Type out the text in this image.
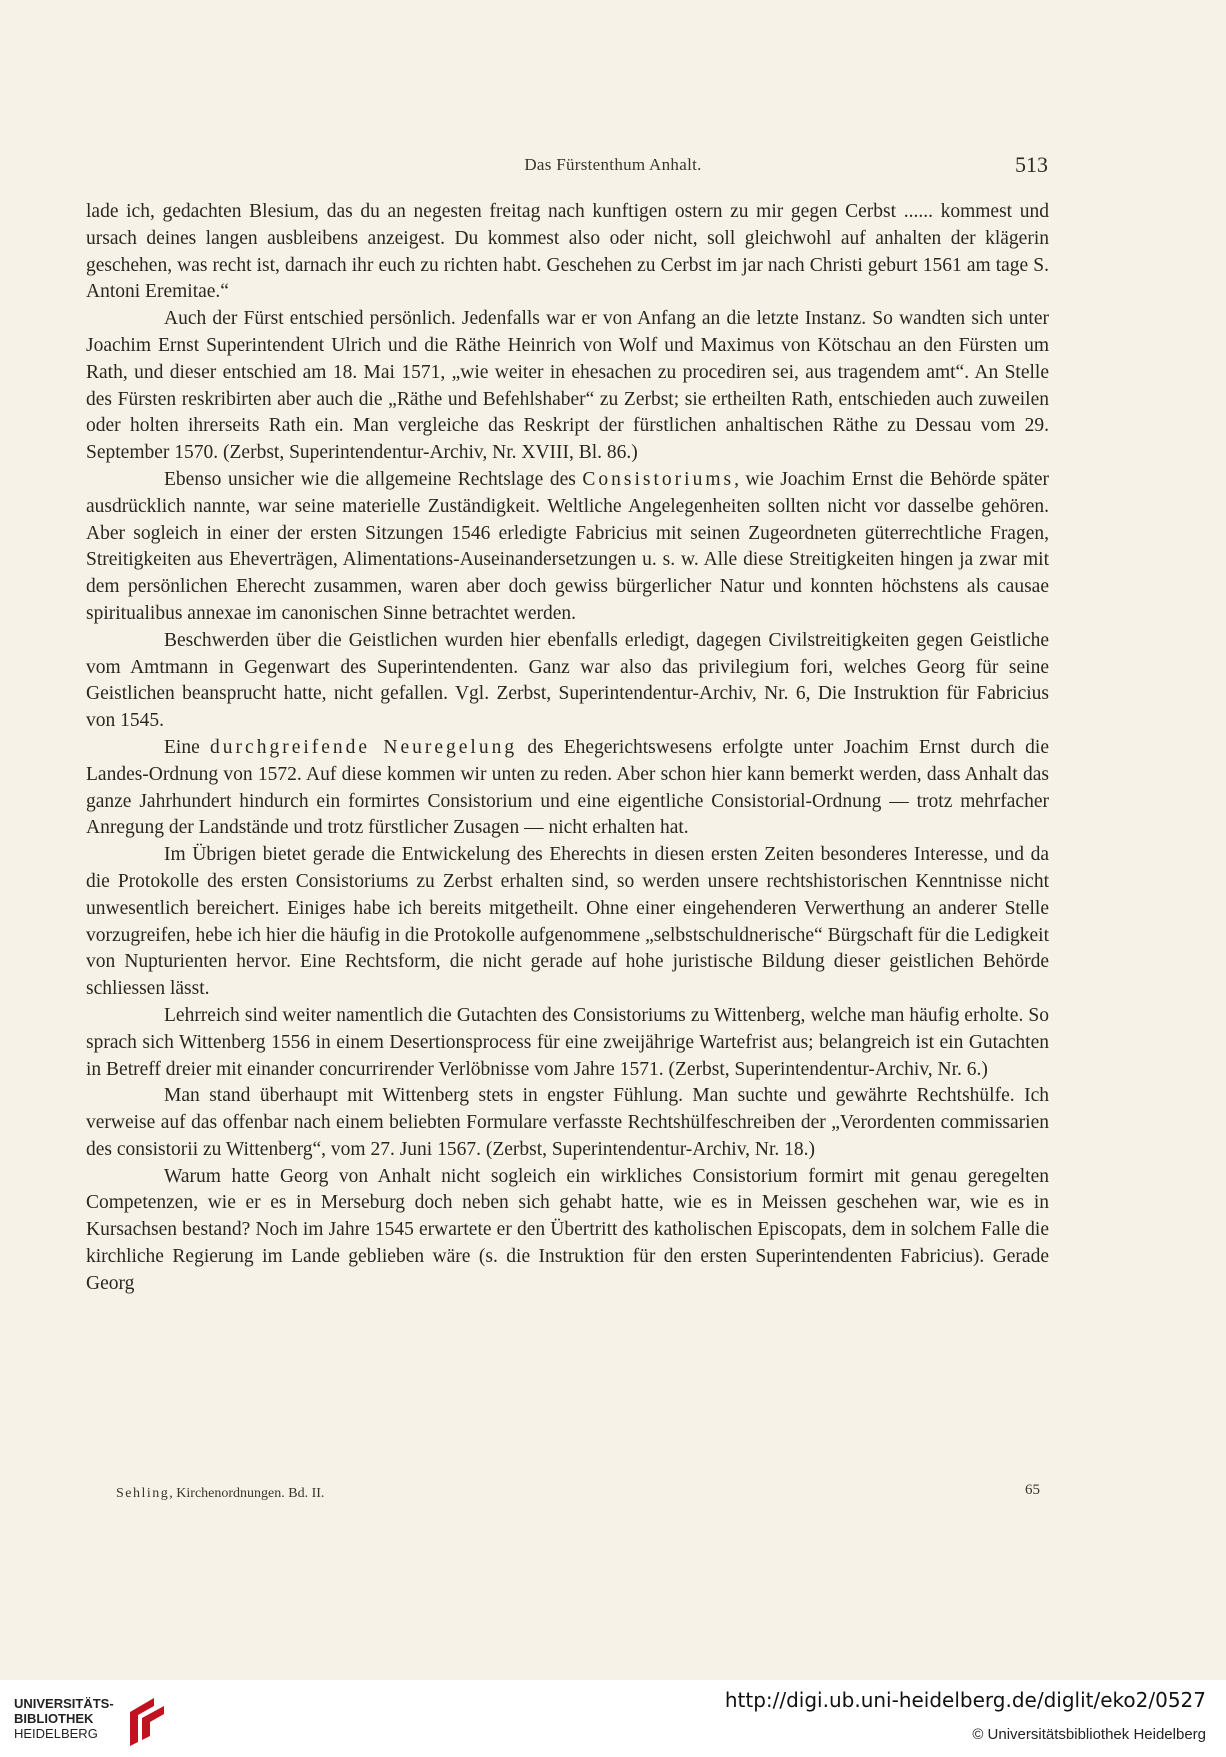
Das Fürstenthum Anhalt.	513

lade ich, gedachten Blesium, das du an negesten freitag nach kunftigen ostern zu mir gegen Cerbst ...... kommest und ursach deines langen ausbleibens anzeigest. Du kommest also oder nicht, soll gleichwohl auf anhalten der klägerin geschehen, was recht ist, darnach ihr euch zu richten habt. Geschehen zu Cerbst im jar nach Christi geburt 1561 am tage S. Antoni Eremitae.“

Auch der Fürst entschied persönlich. Jedenfalls war er von Anfang an die letzte Instanz. So wandten sich unter Joachim Ernst Superintendent Ulrich und die Räthe Heinrich von Wolf und Maximus von Kötschau an den Fürsten um Rath, und dieser entschied am 18. Mai 1571, „wie weiter in ehesachen zu procediren sei, aus tragendem amt“. An Stelle des Fürsten reskribirten aber auch die „Räthe und Befehlshaber“ zu Zerbst; sie ertheilten Rath, entschieden auch zuweilen oder holten ihrerseits Rath ein. Man vergleiche das Reskript der fürstlichen anhaltischen Räthe zu Dessau vom 29. September 1570. (Zerbst, Superintendentur-Archiv, Nr. XVIII, Bl. 86.)

Ebenso unsicher wie die allgemeine Rechtslage des Consistoriums, wie Joachim Ernst die Behörde später ausdrücklich nannte, war seine materielle Zuständigkeit. Weltliche Angelegenheiten sollten nicht vor dasselbe gehören. Aber sogleich in einer der ersten Sitzungen 1546 erledigte Fabricius mit seinen Zugeordneten güterrechtliche Fragen, Streitigkeiten aus Eheverträgen, Alimentations-Auseinandersetzungen u. s. w. Alle diese Streitigkeiten hingen ja zwar mit dem persönlichen Eherecht zusammen, waren aber doch gewiss bürgerlicher Natur und konnten höchstens als causae spiritualibus annexae im canonischen Sinne betrachtet werden.

Beschwerden über die Geistlichen wurden hier ebenfalls erledigt, dagegen Civilstreitigkeiten gegen Geistliche vom Amtmann in Gegenwart des Superintendenten. Ganz war also das privilegium fori, welches Georg für seine Geistlichen beansprucht hatte, nicht gefallen. Vgl. Zerbst, Superintendentur-Archiv, Nr. 6, Die Instruktion für Fabricius von 1545.

Eine durchgreifende Neuregelung des Ehegerichtswesens erfolgte unter Joachim Ernst durch die Landes-Ordnung von 1572. Auf diese kommen wir unten zu reden. Aber schon hier kann bemerkt werden, dass Anhalt das ganze Jahrhundert hindurch ein formirtes Consistorium und eine eigentliche Consistorial-Ordnung — trotz mehrfacher Anregung der Landstände und trotz fürstlicher Zusagen — nicht erhalten hat.

Im Übrigen bietet gerade die Entwickelung des Eherechts in diesen ersten Zeiten besonderes Interesse, und da die Protokolle des ersten Consistoriums zu Zerbst erhalten sind, so werden unsere rechtshistorischen Kenntnisse nicht unwesentlich bereichert. Einiges habe ich bereits mitgetheilt. Ohne einer eingehenderen Verwerthung an anderer Stelle vorzugreifen, hebe ich hier die häufig in die Protokolle aufgenommene „selbstschuldnerische“ Bürgschaft für die Ledigkeit von Nupturienten hervor. Eine Rechtsform, die nicht gerade auf hohe juristische Bildung dieser geistlichen Behörde schliessen lässt.

Lehrreich sind weiter namentlich die Gutachten des Consistoriums zu Wittenberg, welche man häufig erholte. So sprach sich Wittenberg 1556 in einem Desertionsprocess für eine zweijährige Wartefrist aus; belangreich ist ein Gutachten in Betreff dreier mit einander concurrirender Verlöbnisse vom Jahre 1571. (Zerbst, Superintendentur-Archiv, Nr. 6.)

Man stand überhaupt mit Wittenberg stets in engster Fühlung. Man suchte und gewährte Rechtshülfe. Ich verweise auf das offenbar nach einem beliebten Formulare verfasste Rechtshülfeschreiben der „Verordenten commissarien des consistorii zu Wittenberg“, vom 27. Juni 1567. (Zerbst, Superintendentur-Archiv, Nr. 18.)

Warum hatte Georg von Anhalt nicht sogleich ein wirkliches Consistorium formirt mit genau geregelten Competenzen, wie er es in Merseburg doch neben sich gehabt hatte, wie es in Meissen geschehen war, wie es in Kursachsen bestand? Noch im Jahre 1545 erwartete er den Übertritt des katholischen Episcopats, dem in solchem Falle die kirchliche Regierung im Lande geblieben wäre (s. die Instruktion für den ersten Superintendenten Fabricius). Gerade Georg

Sehling, Kirchenordnungen. Bd. II.	65
UNIVERSITÄTS-
BIBLIOTHEK
HEIDELBERG
http://digi.ub.uni-heidelberg.de/diglit/eko2/0527
© Universitätsbibliothek Heidelberg
